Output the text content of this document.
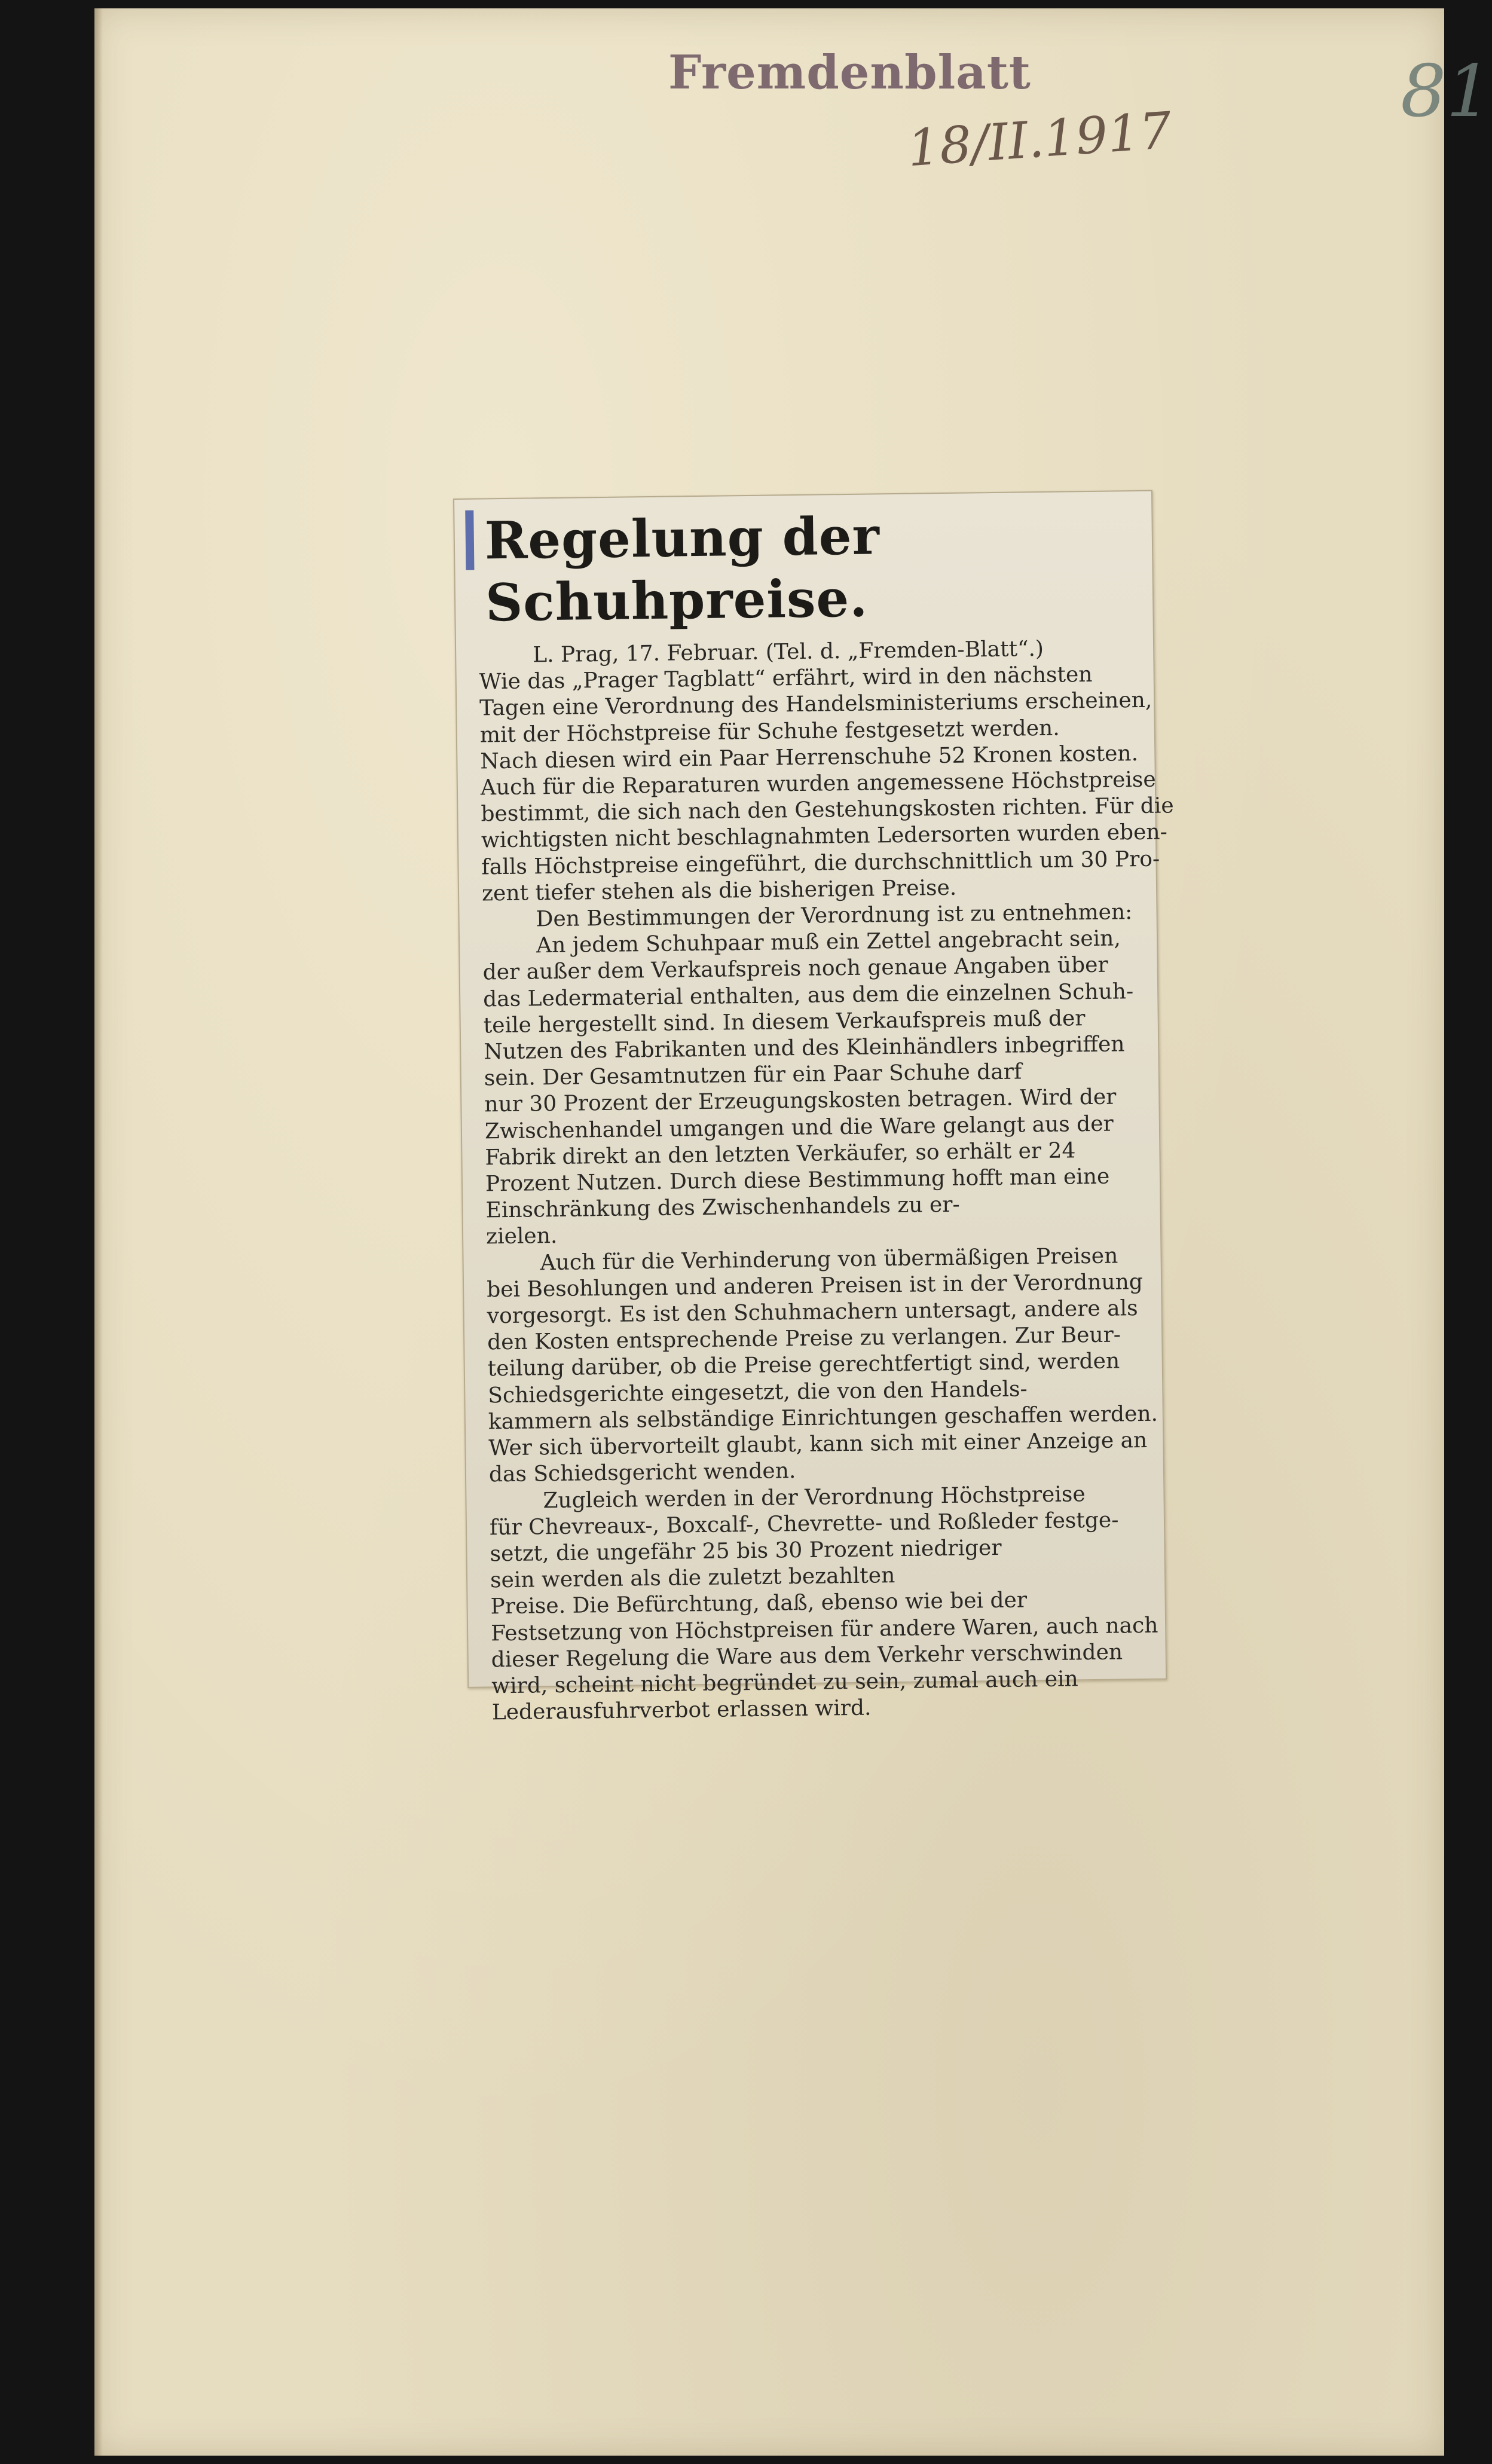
Fremdenblatt
18/II.1917
81
Regelung der Schuhpreise.
L. Prag, 17. Februar. (Tel. d. „Fremden-Blatt“.)
Wie das „Prager Tagblatt“ erfährt, wird in den nächsten
Tagen eine Verordnung des Handelsministeriums erscheinen,
mit der Höchstpreise für Schuhe festgesetzt werden.
Nach diesen wird ein Paar Herrenschuhe 52 Kronen kosten.
Auch für die Reparaturen wurden angemessene Höchstpreise
bestimmt, die sich nach den Gestehungskosten richten. Für die
wichtigsten nicht beschlagnahmten Ledersorten wurden eben-
falls Höchstpreise eingeführt, die durchschnittlich um 30 Pro-
zent tiefer stehen als die bisherigen Preise.
Den Bestimmungen der Verordnung ist zu entnehmen:
An jedem Schuhpaar muß ein Zettel angebracht sein,
der außer dem Verkaufspreis noch genaue Angaben über
das Ledermaterial enthalten, aus dem die einzelnen Schuh-
teile hergestellt sind. In diesem Verkaufspreis muß der
Nutzen des Fabrikanten und des Kleinhändlers inbegriffen
sein. Der Gesamtnutzen für ein Paar Schuhe darf
nur 30 Prozent der Erzeugungskosten betragen. Wird der
Zwischenhandel umgangen und die Ware gelangt aus der
Fabrik direkt an den letzten Verkäufer, so erhält er 24
Prozent Nutzen. Durch diese Bestimmung hofft man eine
Einschränkung des Zwischenhandels zu er-
zielen.
Auch für die Verhinderung von übermäßigen Preisen
bei Besohlungen und anderen Preisen ist in der Verordnung
vorgesorgt. Es ist den Schuhmachern untersagt, andere als
den Kosten entsprechende Preise zu verlangen. Zur Beur-
teilung darüber, ob die Preise gerechtfertigt sind, werden
Schiedsgerichte eingesetzt, die von den Handels-
kammern als selbständige Einrichtungen geschaffen werden.
Wer sich übervorteilt glaubt, kann sich mit einer Anzeige an
das Schiedsgericht wenden.
Zugleich werden in der Verordnung Höchstpreise
für Chevreaux-, Boxcalf-, Chevrette- und Roßleder festge-
setzt, die ungefähr 25 bis 30 Prozent niedriger
sein werden als die zuletzt bezahlten
Preise. Die Befürchtung, daß, ebenso wie bei der
Festsetzung von Höchstpreisen für andere Waren, auch nach
dieser Regelung die Ware aus dem Verkehr verschwinden
wird, scheint nicht begründet zu sein, zumal auch ein
Lederausfuhrverbot erlassen wird.
